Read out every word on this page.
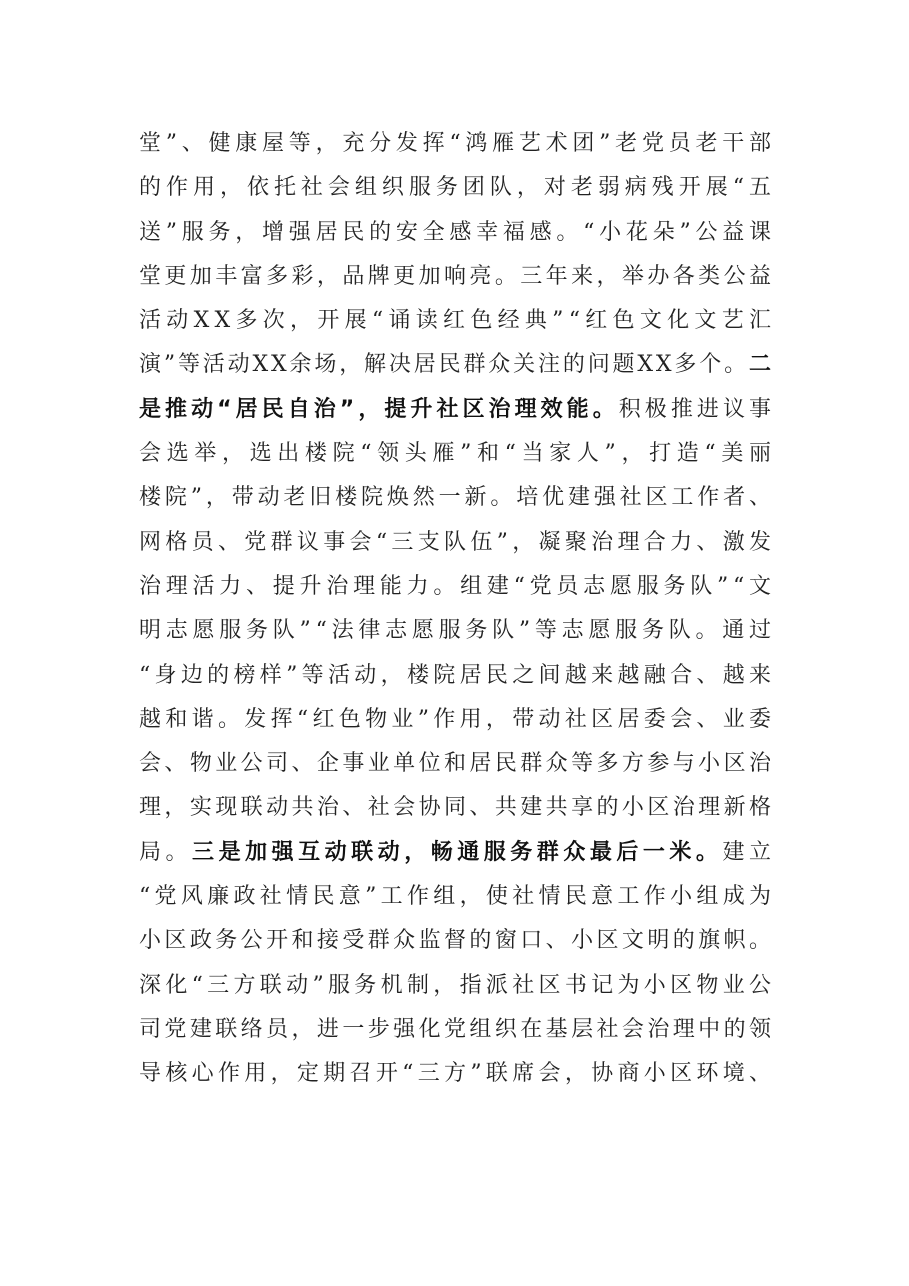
堂”、健康屋等，充分发挥“鸿雁艺术团”老党员老干部
的作用，依托社会组织服务团队，对老弱病残开展“五
送”服务，增强居民的安全感幸福感。“小花朵”公益课
堂更加丰富多彩，品牌更加响亮。三年来，举办各类公益
活动XX多次，开展“诵读红色经典”“红色文化文艺汇
演”等活动XX余场，解决居民群众关注的问题XX多个。二
是推动“居民自治”，提升社区治理效能。积极推进议事
会选举，选出楼院“领头雁”和“当家人”，打造“美丽
楼院”，带动老旧楼院焕然一新。培优建强社区工作者、
网格员、党群议事会“三支队伍”，凝聚治理合力、激发
治理活力、提升治理能力。组建“党员志愿服务队”“文
明志愿服务队”“法律志愿服务队”等志愿服务队。通过
“身边的榜样”等活动，楼院居民之间越来越融合、越来
越和谐。发挥“红色物业”作用，带动社区居委会、业委
会、物业公司、企事业单位和居民群众等多方参与小区治
理，实现联动共治、社会协同、共建共享的小区治理新格
局。三是加强互动联动，畅通服务群众最后一米。建立
“党风廉政社情民意”工作组，使社情民意工作小组成为
小区政务公开和接受群众监督的窗口、小区文明的旗帜。
深化“三方联动”服务机制，指派社区书记为小区物业公
司党建联络员，进一步强化党组织在基层社会治理中的领
导核心作用，定期召开“三方”联席会，协商小区环境、
